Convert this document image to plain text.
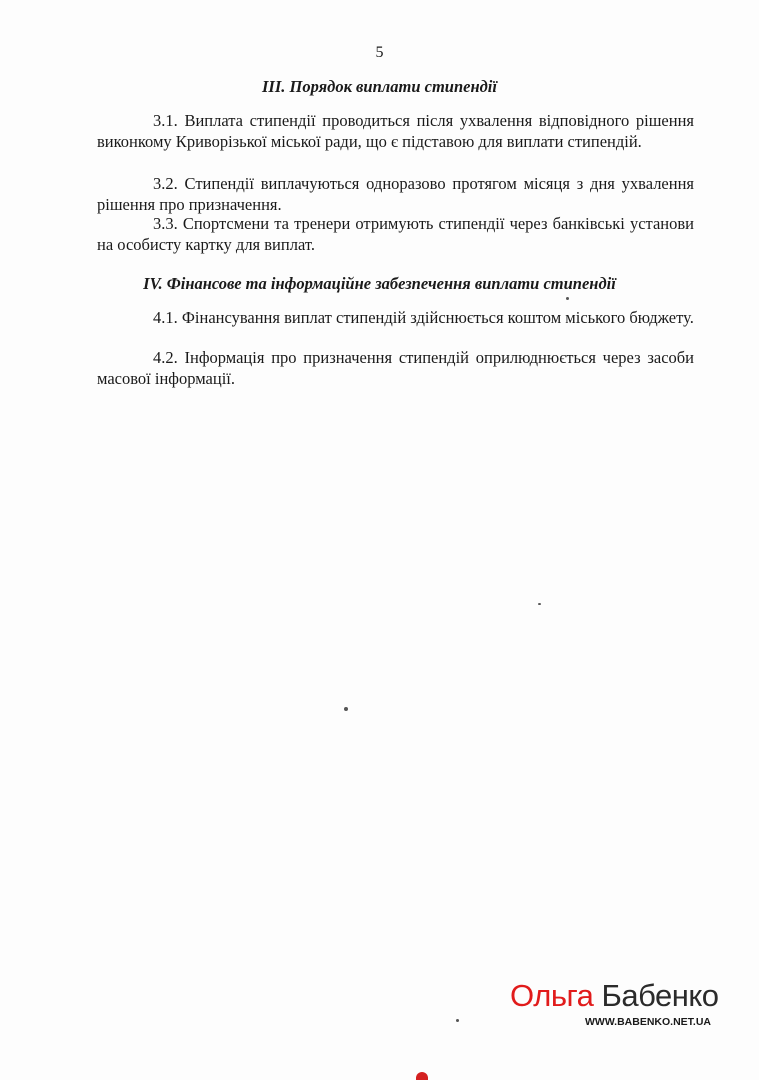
5
III. Порядок виплати стипендії

3.1. Виплата стипендії проводиться після ухвалення відповідного рішення виконкому Криворізької міської ради, що є підставою для виплати стипендій.

3.2. Стипендії виплачуються одноразово протягом місяця з дня ухвалення рішення про призначення.

3.3. Спортсмени та тренери отримують стипендії через банківські установи на особисту картку для виплат.

IV. Фінансове та інформаційне забезпечення виплати стипендії

4.1. Фінансування виплат стипендій здійснюється коштом міського бюджету.

4.2. Інформація про призначення стипендій оприлюднюється через засоби масової інформації.

Ольга Бабенко
WWW.BABENKO.NET.UA
